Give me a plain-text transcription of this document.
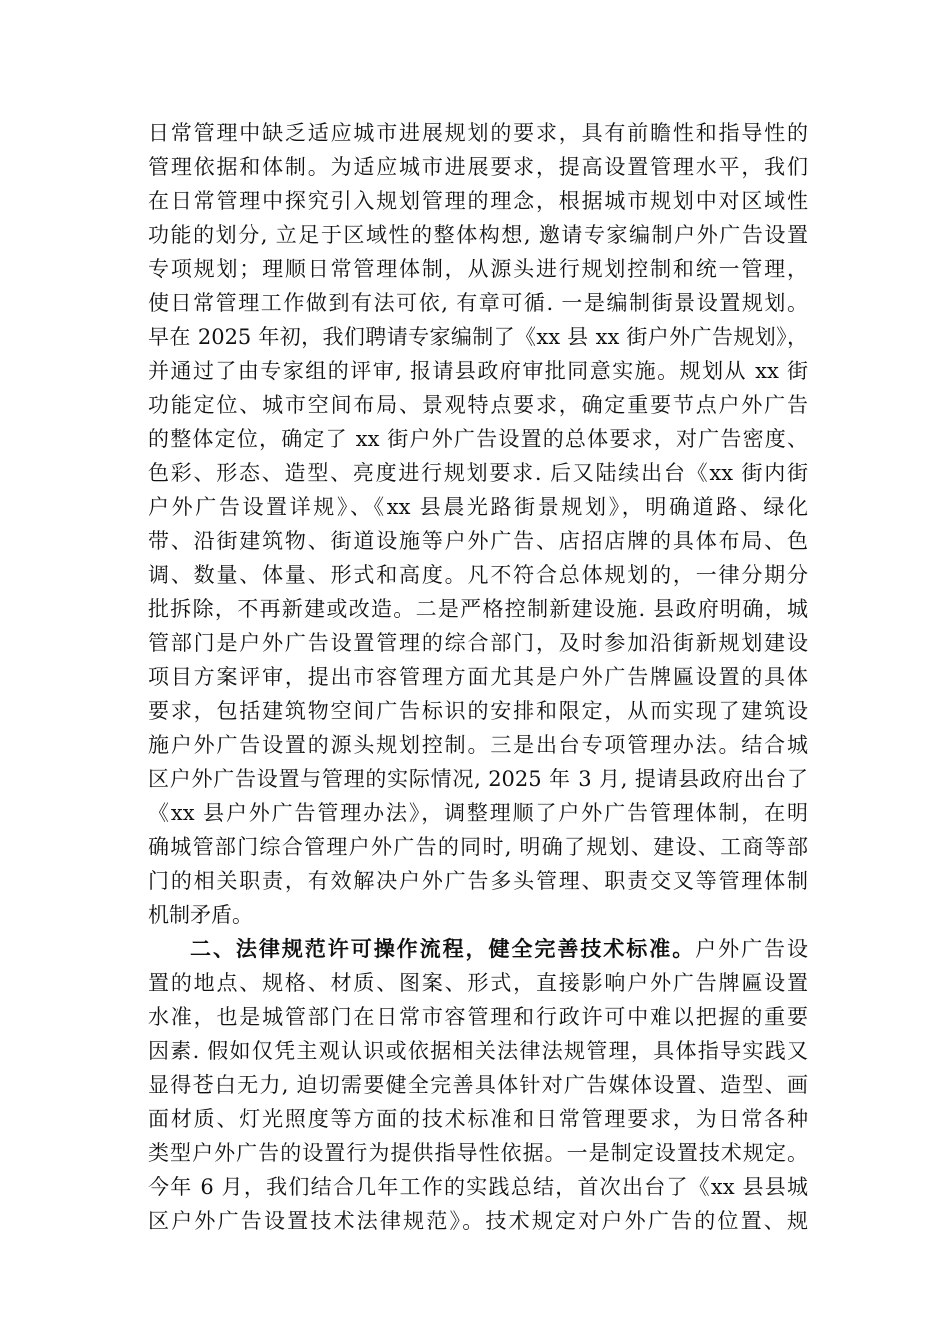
日常管理中缺乏适应城市进展规划的要求，具有前瞻性和指导性的
管理依据和体制。为适应城市进展要求，提高设置管理水平，我们
在日常管理中探究引入规划管理的理念，根据城市规划中对区域性
功能的划分, 立足于区域性的整体构想, 邀请专家编制户外广告设置
专项规划；理顺日常管理体制，从源头进行规划控制和统一管理，
使日常管理工作做到有法可依, 有章可循. 一是编制街景设置规划。
早在 2025 年初，我们聘请专家编制了《xx 县 xx 街户外广告规划》，
并通过了由专家组的评审, 报请县政府审批同意实施。规划从 xx 街
功能定位、城市空间布局、景观特点要求，确定重要节点户外广告
的整体定位，确定了 xx 街户外广告设置的总体要求，对广告密度、
色彩、形态、造型、亮度进行规划要求. 后又陆续出台《xx 街内街
户外广告设置详规》、《xx 县晨光路街景规划》，明确道路、绿化
带、沿街建筑物、街道设施等户外广告、店招店牌的具体布局、色
调、数量、体量、形式和高度。凡不符合总体规划的，一律分期分
批拆除，不再新建或改造。二是严格控制新建设施. 县政府明确，城
管部门是户外广告设置管理的综合部门，及时参加沿街新规划建设
项目方案评审，提出市容管理方面尤其是户外广告牌匾设置的具体
要求，包括建筑物空间广告标识的安排和限定，从而实现了建筑设
施户外广告设置的源头规划控制。三是出台专项管理办法。结合城
区户外广告设置与管理的实际情况, 2025 年 3 月, 提请县政府出台了
《xx 县户外广告管理办法》，调整理顺了户外广告管理体制，在明
确城管部门综合管理户外广告的同时, 明确了规划、建设、工商等部
门的相关职责，有效解决户外广告多头管理、职责交叉等管理体制
机制矛盾。
二、法律规范许可操作流程，健全完善技术标准。户外广告设
置的地点、规格、材质、图案、形式，直接影响户外广告牌匾设置
水准，也是城管部门在日常市容管理和行政许可中难以把握的重要
因素. 假如仅凭主观认识或依据相关法律法规管理，具体指导实践又
显得苍白无力, 迫切需要健全完善具体针对广告媒体设置、造型、画
面材质、灯光照度等方面的技术标准和日常管理要求，为日常各种
类型户外广告的设置行为提供指导性依据。一是制定设置技术规定。
今年 6 月，我们结合几年工作的实践总结，首次出台了《xx 县县城
区户外广告设置技术法律规范》。技术规定对户外广告的位置、规
